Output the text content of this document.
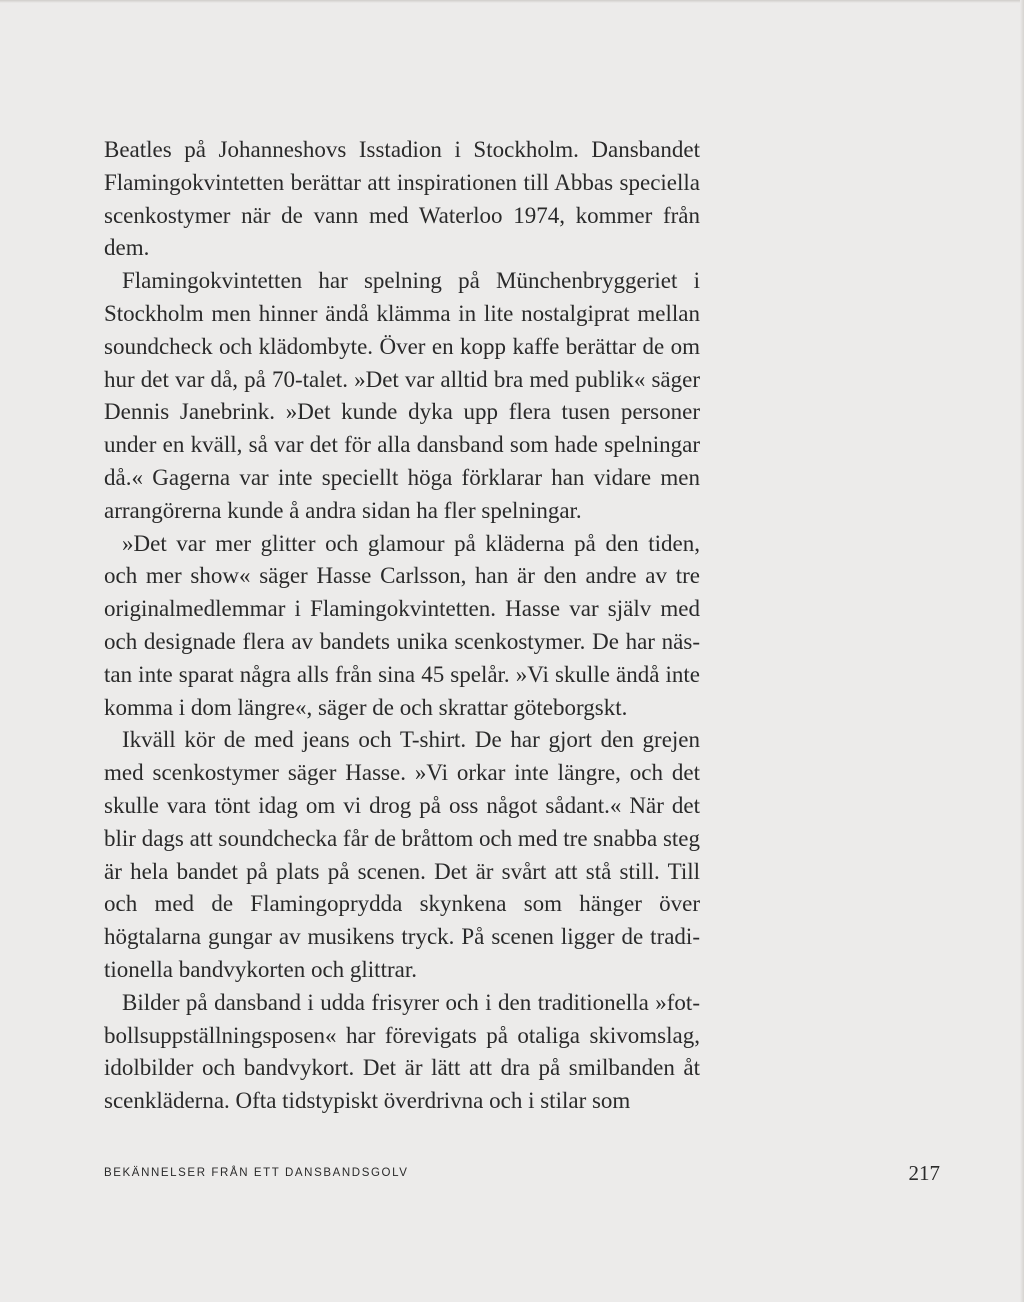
Beatles på Johanneshovs Isstadion i Stockholm. Dansbandet Flamingokvintetten berättar att inspirationen till Abbas speciella scenkostymer när de vann med Waterloo 1974, kommer från dem.

Flamingokvintetten har spelning på Münchenbryggeriet i Stockholm men hinner ändå klämma in lite nostalgiprat mellan soundcheck och klädombyte. Över en kopp kaffe berättar de om hur det var då, på 70-talet. »Det var alltid bra med publik« säger Dennis Janebrink. »Det kunde dyka upp flera tusen personer under en kväll, så var det för alla dansband som hade spelningar då.« Gagerna var inte speciellt höga förklarar han vidare men arrangörerna kunde å andra sidan ha fler spelningar.

»Det var mer glitter och glamour på kläderna på den tiden, och mer show« säger Hasse Carlsson, han är den andre av tre originalmedlemmar i Flamingokvintetten. Hasse var själv med och designade flera av bandets unika scenkostymer. De har nästan inte sparat några alls från sina 45 spelår. »Vi skulle ändå inte komma i dom längre«, säger de och skrattar göteborgskt.

Ikväll kör de med jeans och T-shirt. De har gjort den grejen med scenkostymer säger Hasse. »Vi orkar inte längre, och det skulle vara tönt idag om vi drog på oss något sådant.« När det blir dags att soundchecka får de bråttom och med tre snabba steg är hela bandet på plats på scenen. Det är svårt att stå still. Till och med de Flamingoprydda skynkena som hänger över högtalarna gungar av musikens tryck. På scenen ligger de traditionella bandvykorten och glittrar.

Bilder på dansband i udda frisyrer och i den traditionella »fotbollsuppställningsposen« har förevigats på otaliga skivomslag, idolbilder och bandvykort. Det är lätt att dra på smilbanden åt scenkläderna. Ofta tidstypiskt överdrivna och i stilar som

BEKÄNNELSER FRÅN ETT DANSBANDSGOLV	217
